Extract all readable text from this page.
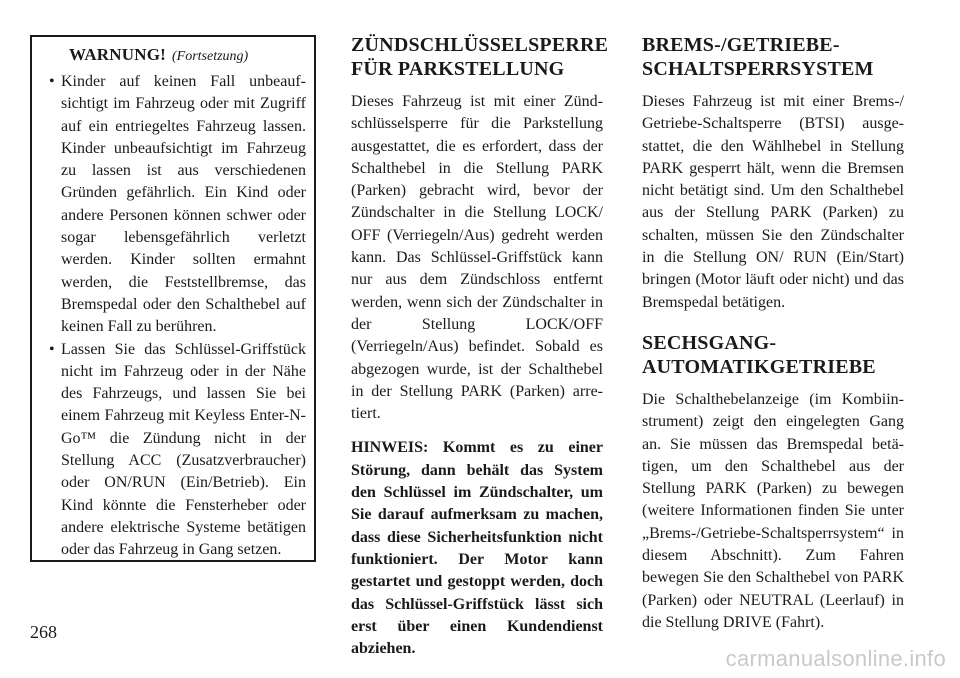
WARNUNG! (Fortsetzung)

• Kinder auf keinen Fall unbeaufsichtigt im Fahrzeug oder mit Zugriff auf ein entriegeltes Fahrzeug lassen. Kinder unbeaufsichtigt im Fahrzeug zu lassen ist aus verschiedenen Gründen gefährlich. Ein Kind oder andere Personen können schwer oder sogar lebensgefährlich verletzt werden. Kinder sollten ermahnt werden, die Feststellbremse, das Bremspedal oder den Schalthebel auf keinen Fall zu berühren.

• Lassen Sie das Schlüssel-Griffstück nicht im Fahrzeug oder in der Nähe des Fahrzeugs, und lassen Sie bei einem Fahrzeug mit Keyless Enter-N-Go™ die Zündung nicht in der Stellung ACC (Zusatzverbraucher) oder ON/RUN (Ein/Betrieb). Ein Kind könnte die Fensterheber oder andere elektrische Systeme betätigen oder das Fahrzeug in Gang setzen.

ZÜNDSCHLÜSSELSPERRE
FÜR PARKSTELLUNG

Dieses Fahrzeug ist mit einer Zündschlüsselsperre für die Parkstellung ausgestattet, die es erfordert, dass der Schalthebel in die Stellung PARK (Parken) gebracht wird, bevor der Zündschalter in die Stellung LOCK/ OFF (Verriegeln/Aus) gedreht werden kann. Das Schlüssel-Griffstück kann nur aus dem Zündschloss entfernt werden, wenn sich der Zündschalter in der Stellung LOCK/OFF (Verriegeln/Aus) befindet. Sobald es abgezogen wurde, ist der Schalthebel in der Stellung PARK (Parken) arretiert.

HINWEIS: Kommt es zu einer Störung, dann behält das System den Schlüssel im Zündschalter, um Sie darauf aufmerksam zu machen, dass diese Sicherheitsfunktion nicht funktioniert. Der Motor kann gestartet und gestoppt werden, doch das Schlüssel-Griffstück lässt sich erst über einen Kundendienst abziehen.

BREMS-/GETRIEBE-
SCHALTSPERRSYSTEM

Dieses Fahrzeug ist mit einer Brems-/ Getriebe-Schaltsperre (BTSI) ausgestattet, die den Wählhebel in Stellung PARK gesperrt hält, wenn die Bremsen nicht betätigt sind. Um den Schalthebel aus der Stellung PARK (Parken) zu schalten, müssen Sie den Zündschalter in die Stellung ON/ RUN (Ein/Start) bringen (Motor läuft oder nicht) und das Bremspedal betätigen.

SECHSGANG-
AUTOMATIKGETRIEBE

Die Schalthebelanzeige (im Kombiinstrument) zeigt den eingelegten Gang an. Sie müssen das Bremspedal betätigen, um den Schalthebel aus der Stellung PARK (Parken) zu bewegen (weitere Informationen finden Sie unter „Brems-/Getriebe-Schaltsperrsystem“ in diesem Abschnitt). Zum Fahren bewegen Sie den Schalthebel von PARK (Parken) oder NEUTRAL (Leerlauf) in die Stellung DRIVE (Fahrt).

268
carmanualsonline.info
